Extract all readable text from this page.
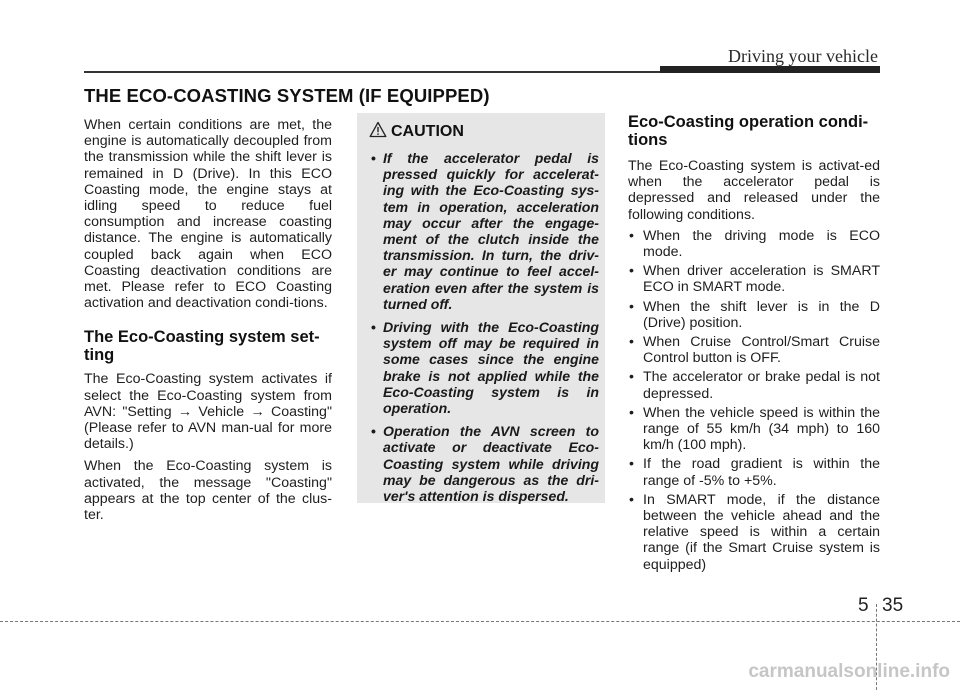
Driving your vehicle
THE ECO-COASTING SYSTEM (IF EQUIPPED)

When certain conditions are met, the engine is automatically decoupled from the transmission while the shift lever is remained in D (Drive). In this ECO Coasting mode, the engine stays at idling speed to reduce fuel consumption and increase coasting distance. The engine is automatically coupled back again when ECO Coasting deactivation conditions are met. Please refer to ECO Coasting activation and deactivation condi-tions.

The Eco-Coasting system set-ting

The Eco-Coasting system activates if select the Eco-Coasting system from AVN: "Setting → Vehicle → Coasting" (Please refer to AVN man-ual for more details.)

When the Eco-Coasting system is activated, the message "Coasting" appears at the top center of the clus-ter.

CAUTION
• If the accelerator pedal is pressed quickly for accelerat-ing with the Eco-Coasting sys-tem in operation, acceleration may occur after the engage-ment of the clutch inside the transmission. In turn, the driv-er may continue to feel accel-eration even after the system is turned off.
• Driving with the Eco-Coasting system off may be required in some cases since the engine brake is not applied while the Eco-Coasting system is in operation.
• Operation the AVN screen to activate or deactivate Eco-Coasting system while driving may be dangerous as the dri-ver's attention is dispersed.
Eco-Coasting operation condi-tions

The Eco-Coasting system is activat-ed when the accelerator pedal is depressed and released under the following conditions.

• When the driving mode is ECO mode.
• When driver acceleration is SMART ECO in SMART mode.
• When the shift lever is in the D (Drive) position.
• When Cruise Control/Smart Cruise Control button is OFF.
• The accelerator or brake pedal is not depressed.
• When the vehicle speed is within the range of 55 km/h (34 mph) to 160 km/h (100 mph).
• If the road gradient is within the range of -5% to +5%.
• In SMART mode, if the distance between the vehicle ahead and the relative speed is within a certain range (if the Smart Cruise system is equipped)
5 35
carmanualsonline.info
